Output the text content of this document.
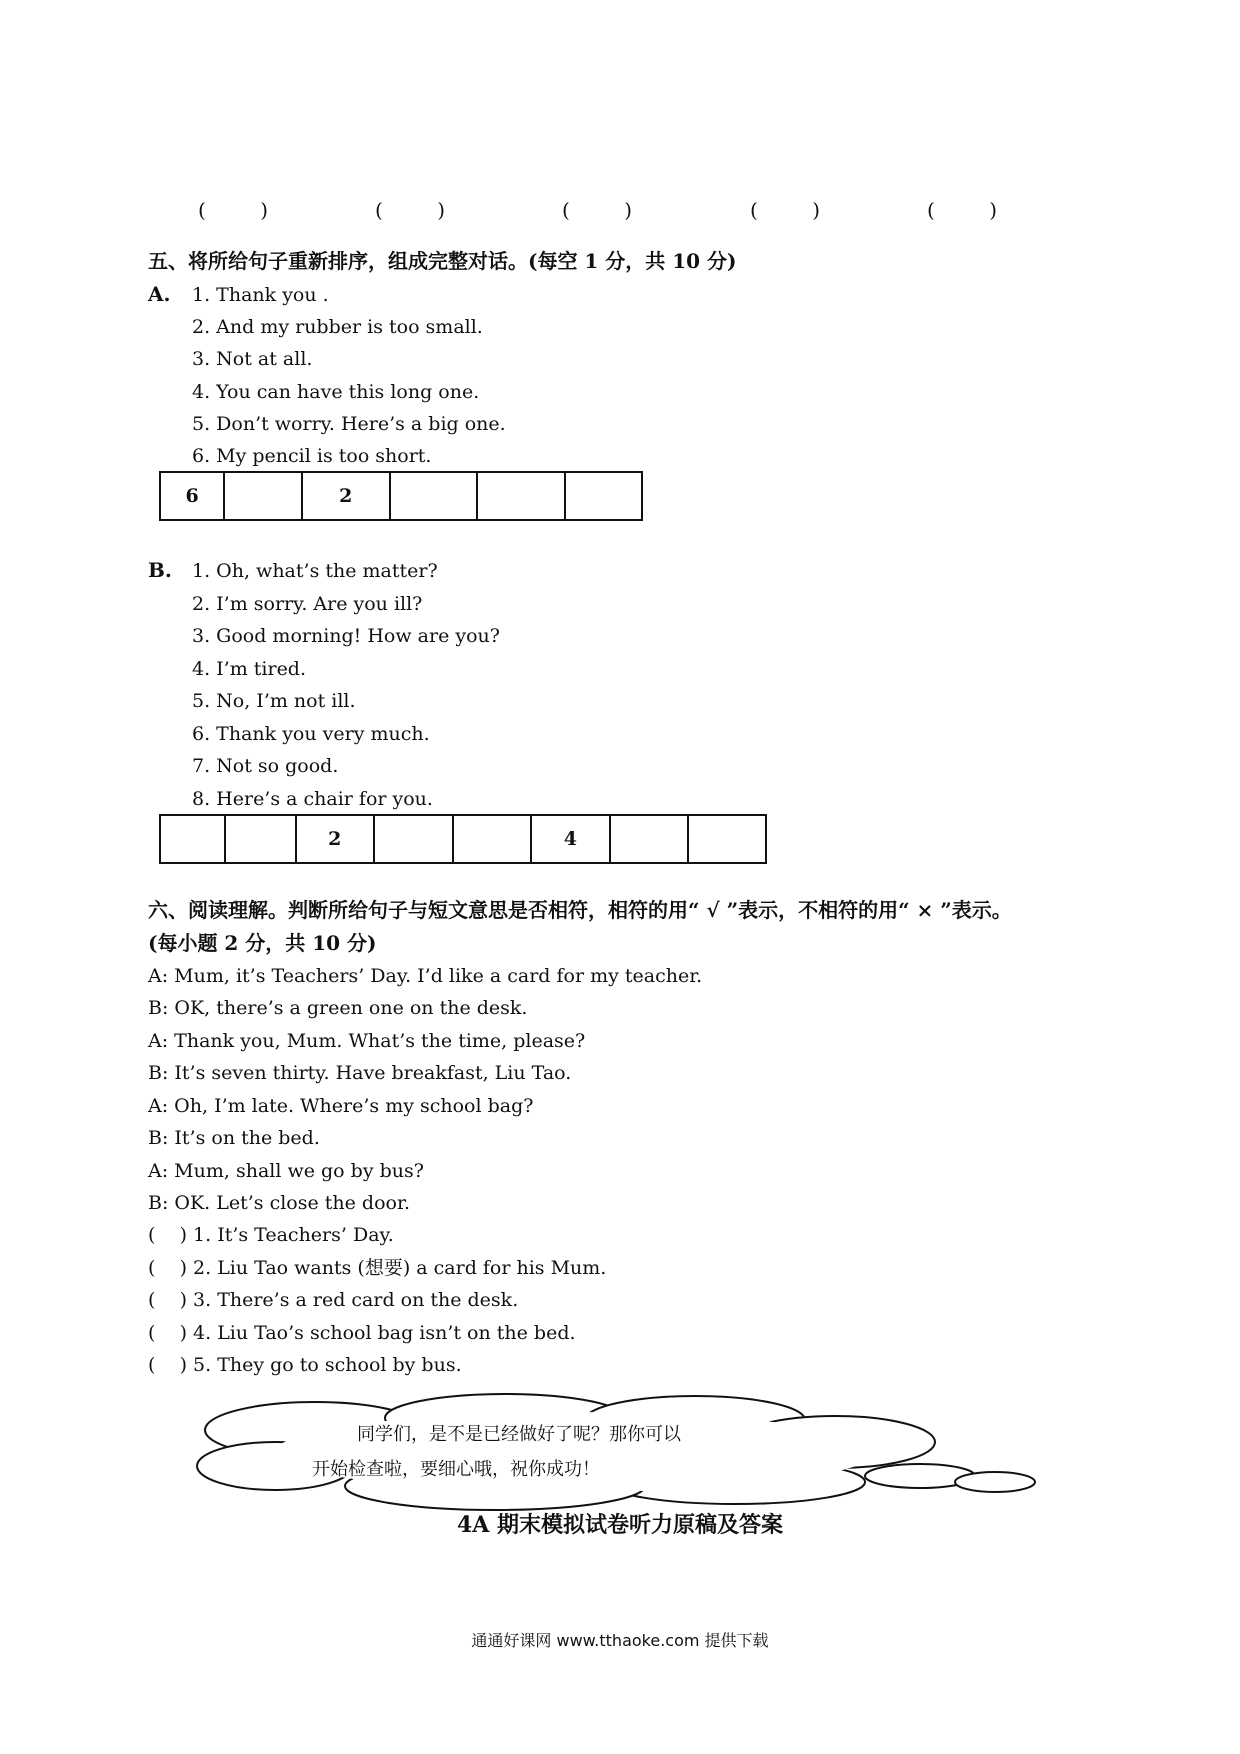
(	)	(	)	(	)	(	)	(	)
五、将所给句子重新排序，组成完整对话。(每空 1 分，共 10 分)
A. 1. Thank you .
2. And my rubber is too small.
3. Not at all.
4. You can have this long one.
5. Don’t worry. Here’s a big one.
6. My pencil is too short.
6		2			
B. 1. Oh, what’s the matter?
2. I’m sorry. Are you ill?
3. Good morning! How are you?
4. I’m tired.
5. No, I’m not ill.
6. Thank you very much.
7. Not so good.
8. Here’s a chair for you.
		2			4		
六、阅读理解。判断所给句子与短文意思是否相符，相符的用“ √ ”表示，不相符的用“ × ”表示。
(每小题 2 分，共 10 分)
A: Mum, it’s Teachers’ Day. I’d like a card for my teacher.
B: OK, there’s a green one on the desk.
A: Thank you, Mum. What’s the time, please?
B: It’s seven thirty. Have breakfast, Liu Tao.
A: Oh, I’m late. Where’s my school bag?
B: It’s on the bed.
A: Mum, shall we go by bus?
B: OK. Let’s close the door.
(    ) 1. It’s Teachers’ Day.
(    ) 2. Liu Tao wants (想要) a card for his Mum.
(    ) 3. There’s a red card on the desk.
(    ) 4. Liu Tao’s school bag isn’t on the bed.
(    ) 5. They go to school by bus.
同学们，是不是已经做好了呢？那你可以
开始检查啦，要细心哦，祝你成功！
4A 期末模拟试卷听力原稿及答案
通通好课网 www.tthaoke.com 提供下载
